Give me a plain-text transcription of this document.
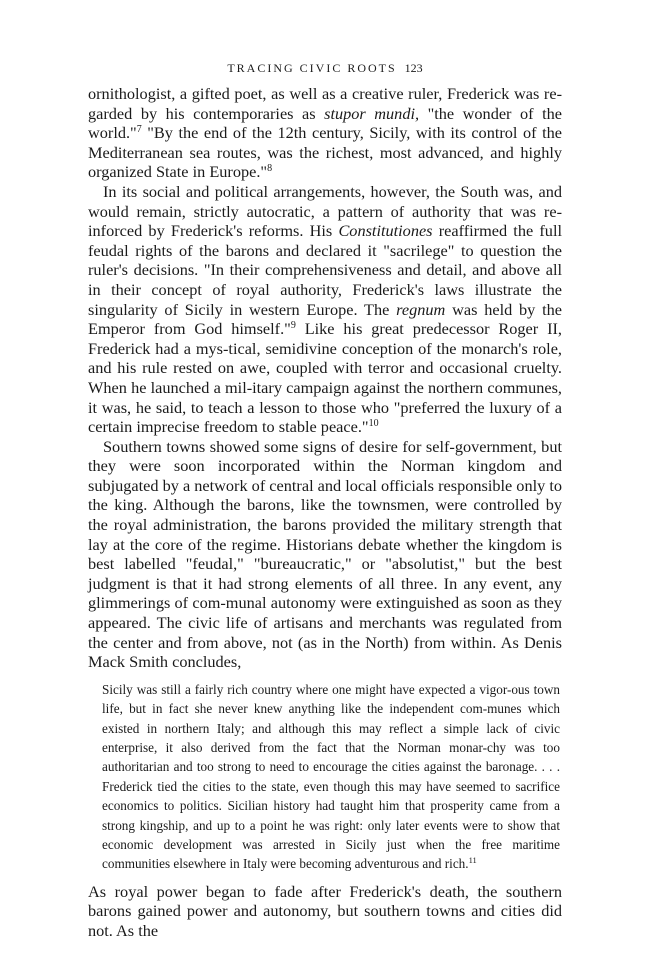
TRACING CIVIC ROOTS 123

ornithologist, a gifted poet, as well as a creative ruler, Frederick was re-garded by his contemporaries as stupor mundi, "the wonder of the world."$^7$ "By the end of the 12th century, Sicily, with its control of the Mediterranean sea routes, was the richest, most advanced, and highly organized State in Europe."$^8$

In its social and political arrangements, however, the South was, and would remain, strictly autocratic, a pattern of authority that was re-inforced by Frederick's reforms. His Constitutiones reaffirmed the full feudal rights of the barons and declared it "sacrilege" to question the ruler's decisions. "In their comprehensiveness and detail, and above all in their concept of royal authority, Frederick's laws illustrate the singularity of Sicily in western Europe. The regnum was held by the Emperor from God himself."$^9$ Like his great predecessor Roger II, Frederick had a mys-tical, semidivine conception of the monarch's role, and his rule rested on awe, coupled with terror and occasional cruelty. When he launched a mil-itary campaign against the northern communes, it was, he said, to teach a lesson to those who "preferred the luxury of a certain imprecise freedom to stable peace."$^{10}$

Southern towns showed some signs of desire for self-government, but they were soon incorporated within the Norman kingdom and subjugated by a network of central and local officials responsible only to the king. Although the barons, like the townsmen, were controlled by the royal administration, the barons provided the military strength that lay at the core of the regime. Historians debate whether the kingdom is best labelled "feudal," "bureaucratic," or "absolutist," but the best judgment is that it had strong elements of all three. In any event, any glimmerings of com-munal autonomy were extinguished as soon as they appeared. The civic life of artisans and merchants was regulated from the center and from above, not (as in the North) from within. As Denis Mack Smith concludes,

Sicily was still a fairly rich country where one might have expected a vigor-ous town life, but in fact she never knew anything like the independent com-munes which existed in northern Italy; and although this may reflect a simple lack of civic enterprise, it also derived from the fact that the Norman monar-chy was too authoritarian and too strong to need to encourage the cities against the baronage. . . . Frederick tied the cities to the state, even though this may have seemed to sacrifice economics to politics. Sicilian history had taught him that prosperity came from a strong kingship, and up to a point he was right: only later events were to show that economic development was arrested in Sicily just when the free maritime communities elsewhere in Italy were becoming adventurous and rich.$^{11}$

As royal power began to fade after Frederick's death, the southern barons gained power and autonomy, but southern towns and cities did not. As the
